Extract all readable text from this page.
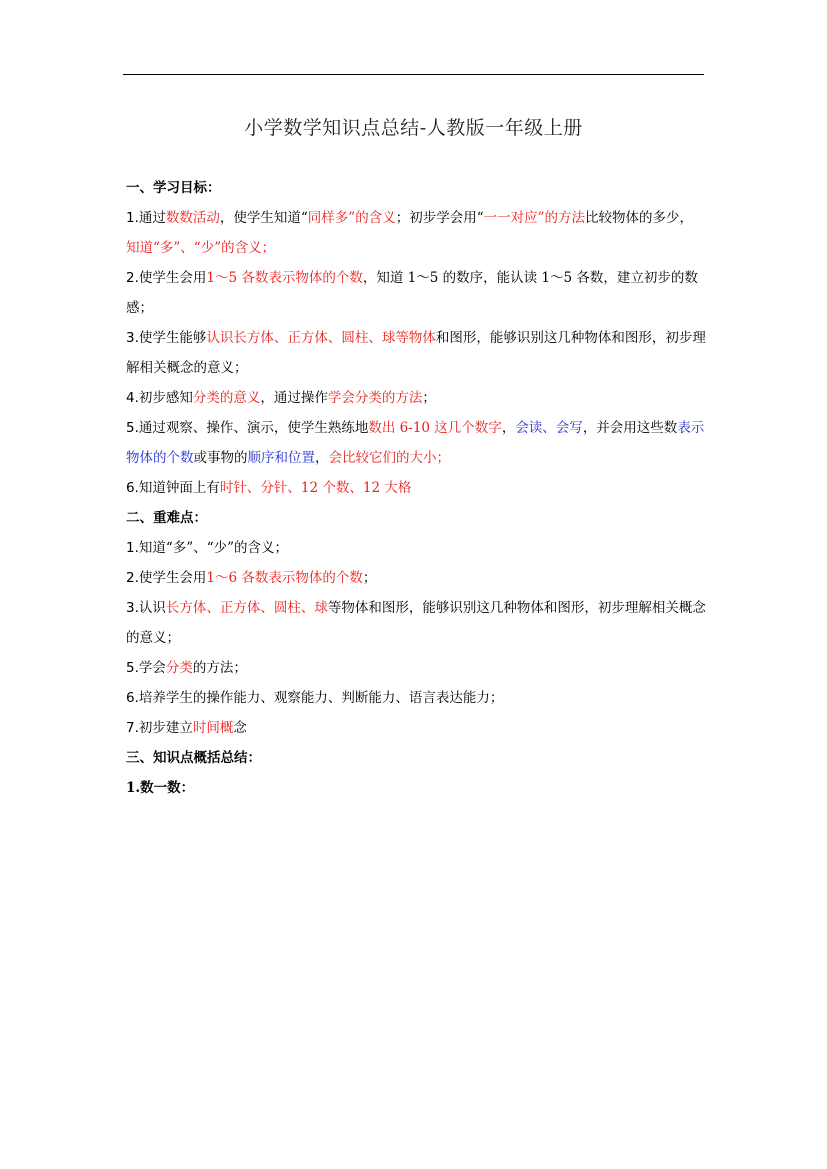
小学数学知识点总结-人教版一年级上册

一、学习目标：

1.通过数数活动，使学生知道“同样多”的含义；初步学会用“一一对应”的方法比较物体的多少，知道“多”、“少”的含义；

2.使学生会用1～5 各数表示物体的个数，知道 1～5 的数序，能认读 1～5 各数，建立初步的数感；

3.使学生能够认识长方体、正方体、圆柱、球等物体和图形，能够识别这几种物体和图形，初步理解相关概念的意义；

4.初步感知分类的意义，通过操作学会分类的方法；

5.通过观察、操作、演示，使学生熟练地数出 6-10 这几个数字，会读、会写，并会用这些数表示物体的个数或事物的顺序和位置，会比较它们的大小；

6.知道钟面上有时针、分针、12 个数、12 大格

二、重难点：

1.知道“多”、“少”的含义；

2.使学生会用1～6 各数表示物体的个数；

3.认识长方体、正方体、圆柱、球等物体和图形，能够识别这几种物体和图形，初步理解相关概念的意义；

5.学会分类的方法；

6.培养学生的操作能力、观察能力、判断能力、语言表达能力；

7.初步建立时间概念

三、知识点概括总结：

1.数一数：
